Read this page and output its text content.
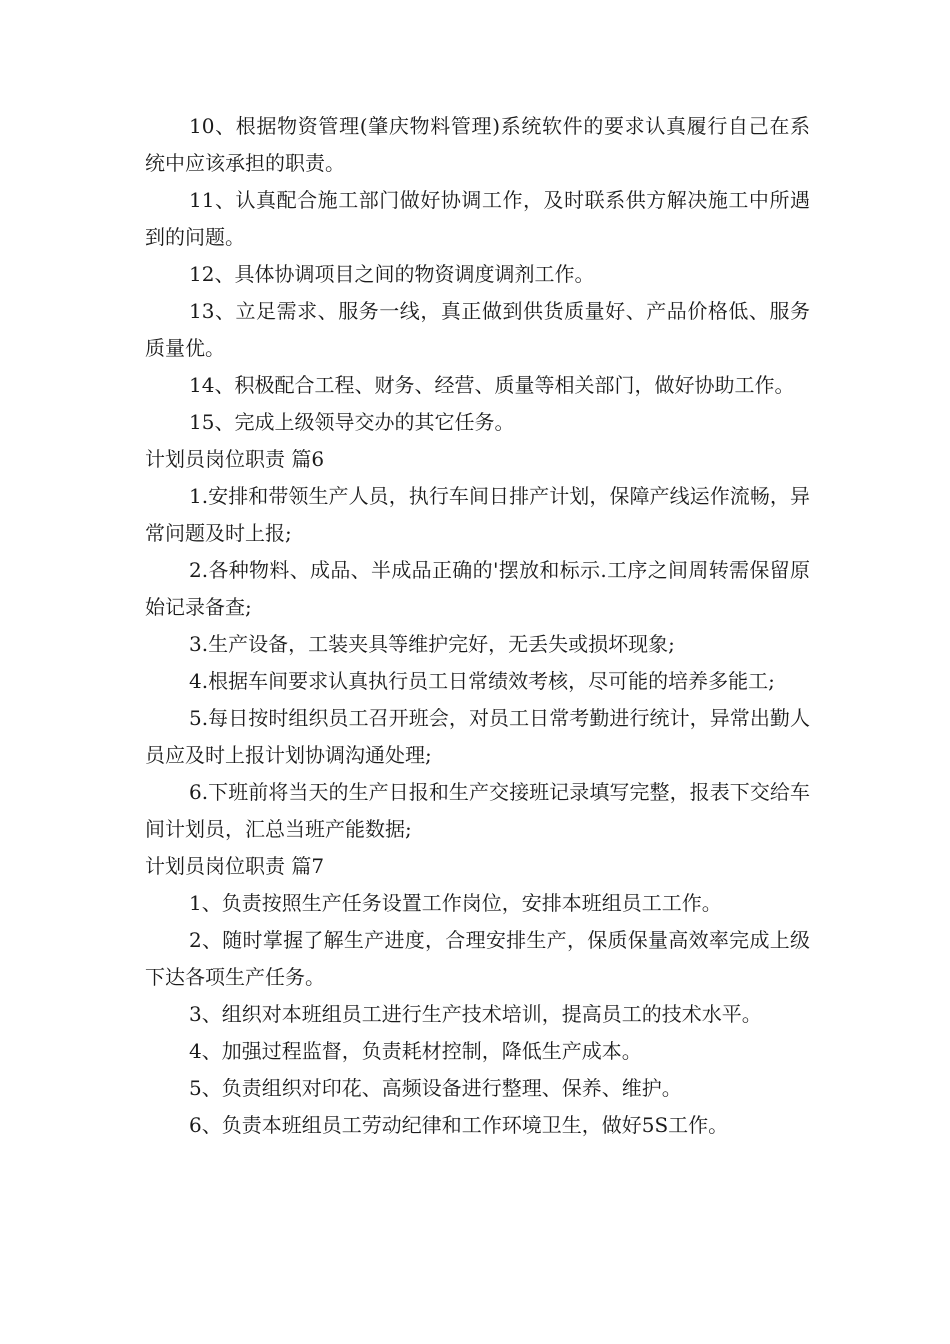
10、根据物资管理(肇庆物料管理)系统软件的要求认真履行自己在系统中应该承担的职责。

11、认真配合施工部门做好协调工作，及时联系供方解决施工中所遇到的问题。

12、具体协调项目之间的物资调度调剂工作。

13、立足需求、服务一线，真正做到供货质量好、产品价格低、服务质量优。

14、积极配合工程、财务、经营、质量等相关部门，做好协助工作。

15、完成上级领导交办的其它任务。

计划员岗位职责 篇6

1.安排和带领生产人员，执行车间日排产计划，保障产线运作流畅，异常问题及时上报;

2.各种物料、成品、半成品正确的'摆放和标示.工序之间周转需保留原始记录备查;

3.生产设备，工装夹具等维护完好，无丢失或损坏现象;

4.根据车间要求认真执行员工日常绩效考核，尽可能的培养多能工;

5.每日按时组织员工召开班会，对员工日常考勤进行统计，异常出勤人员应及时上报计划协调沟通处理;

6.下班前将当天的生产日报和生产交接班记录填写完整，报表下交给车间计划员，汇总当班产能数据;

计划员岗位职责 篇7

1、负责按照生产任务设置工作岗位，安排本班组员工工作。

2、随时掌握了解生产进度，合理安排生产，保质保量高效率完成上级下达各项生产任务。

3、组织对本班组员工进行生产技术培训，提高员工的技术水平。

4、加强过程监督，负责耗材控制，降低生产成本。

5、负责组织对印花、高频设备进行整理、保养、维护。

6、负责本班组员工劳动纪律和工作环境卫生，做好5S工作。
